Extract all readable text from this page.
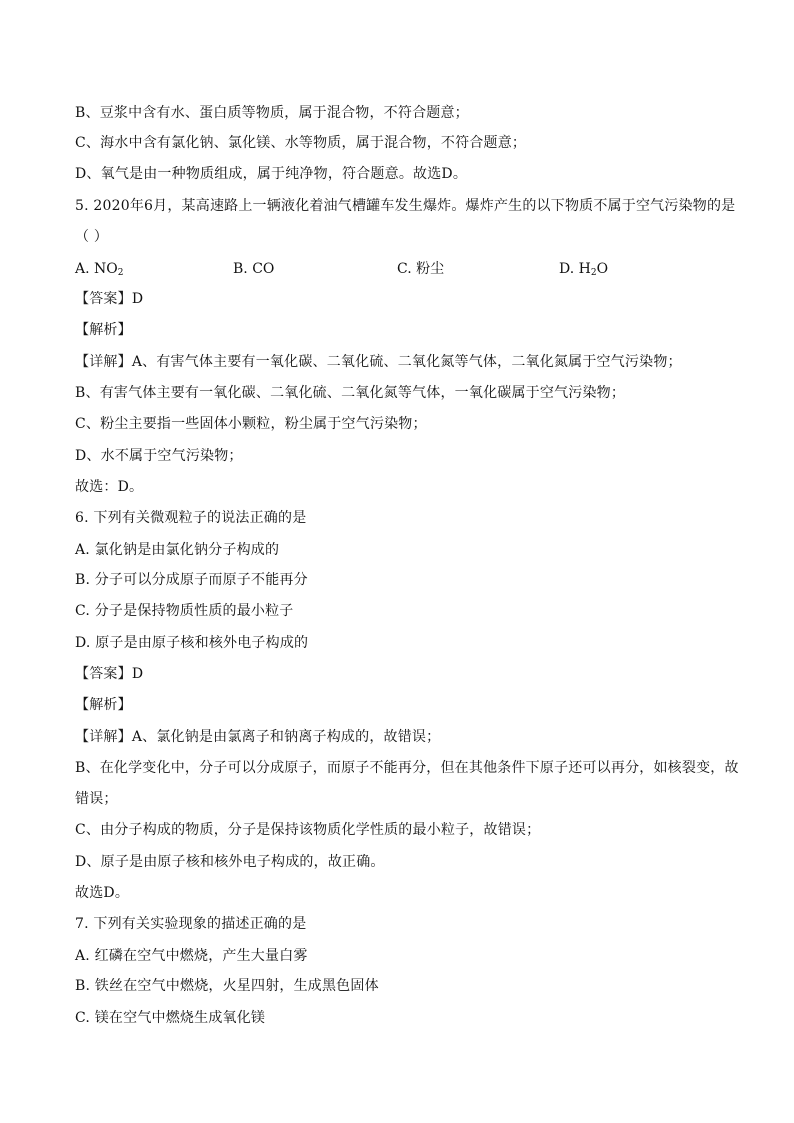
B、豆浆中含有水、蛋白质等物质，属于混合物，不符合题意；
C、海水中含有氯化钠、氯化镁、水等物质，属于混合物，不符合题意；
D、氧气是由一种物质组成，属于纯净物，符合题意。故选D。
5. 2020年6月，某高速路上一辆液化着油气槽罐车发生爆炸。爆炸产生的以下物质不属于空气污染物的是
（ ）
A. $NO_2$	B. CO	C. 粉尘	D. $H_2O$
【答案】D
【解析】
【详解】A、有害气体主要有一氧化碳、二氧化硫、二氧化氮等气体，二氧化氮属于空气污染物；
B、有害气体主要有一氧化碳、二氧化硫、二氧化氮等气体，一氧化碳属于空气污染物；
C、粉尘主要指一些固体小颗粒，粉尘属于空气污染物；
D、水不属于空气污染物；
故选：D。
6. 下列有关微观粒子的说法正确的是
A. 氯化钠是由氯化钠分子构成的
B. 分子可以分成原子而原子不能再分
C. 分子是保持物质性质的最小粒子
D. 原子是由原子核和核外电子构成的
【答案】D
【解析】
【详解】A、氯化钠是由氯离子和钠离子构成的，故错误；
B、在化学变化中，分子可以分成原子，而原子不能再分，但在其他条件下原子还可以再分，如核裂变，故
错误；
C、由分子构成的物质，分子是保持该物质化学性质的最小粒子，故错误；
D、原子是由原子核和核外电子构成的，故正确。
故选D。
7. 下列有关实验现象的描述正确的是
A. 红磷在空气中燃烧，产生大量白雾
B. 铁丝在空气中燃烧，火星四射，生成黑色固体
C. 镁在空气中燃烧生成氧化镁
